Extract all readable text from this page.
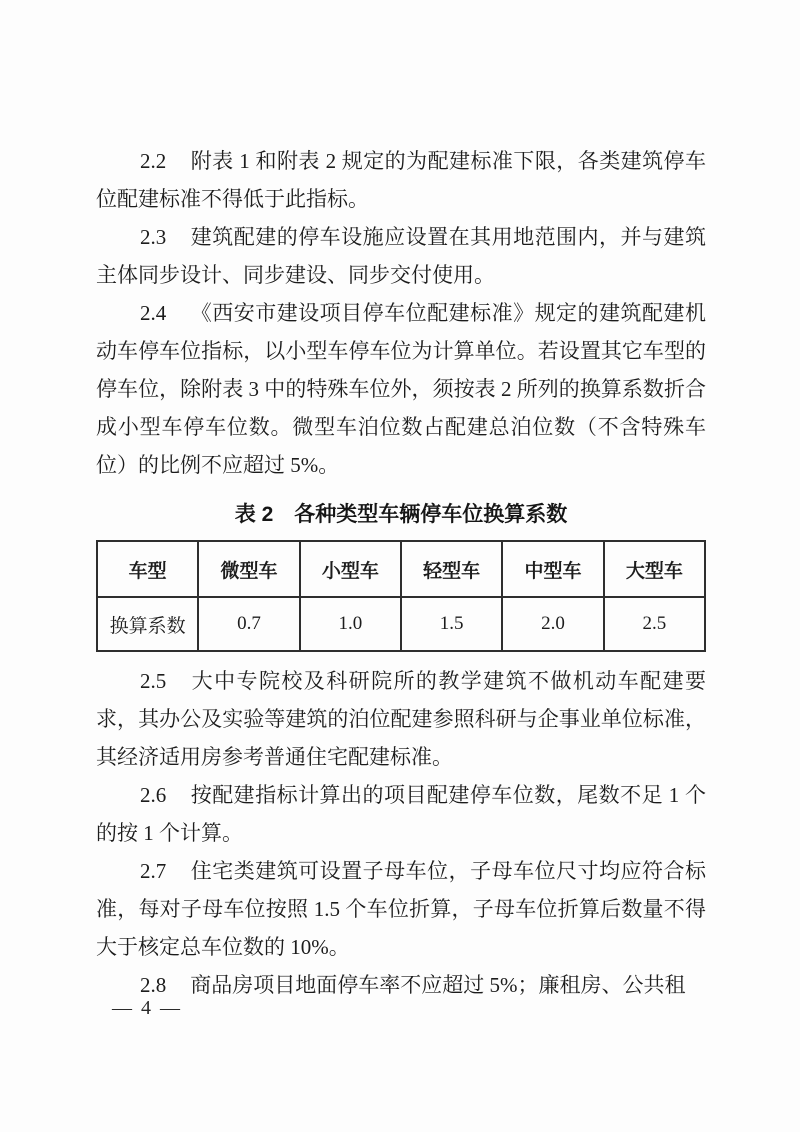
2.2 附表 1 和附表 2 规定的为配建标准下限，各类建筑停车位配建标准不得低于此指标。

2.3 建筑配建的停车设施应设置在其用地范围内，并与建筑主体同步设计、同步建设、同步交付使用。

2.4 《西安市建设项目停车位配建标准》规定的建筑配建机动车停车位指标，以小型车停车位为计算单位。若设置其它车型的停车位，除附表 3 中的特殊车位外，须按表 2 所列的换算系数折合成小型车停车位数。微型车泊位数占配建总泊位数（不含特殊车位）的比例不应超过 5%。

表 2　各种类型车辆停车位换算系数

车型	微型车	小型车	轻型车	中型车	大型车
换算系数	0.7	1.0	1.5	2.0	2.5

2.5 大中专院校及科研院所的教学建筑不做机动车配建要求，其办公及实验等建筑的泊位配建参照科研与企事业单位标准，其经济适用房参考普通住宅配建标准。

2.6 按配建指标计算出的项目配建停车位数，尾数不足 1 个的按 1 个计算。

2.7 住宅类建筑可设置子母车位，子母车位尺寸均应符合标准，每对子母车位按照 1.5 个车位折算，子母车位折算后数量不得大于核定总车位数的 10%。

2.8 商品房项目地面停车率不应超过 5%；廉租房、公共租

— 4 —
